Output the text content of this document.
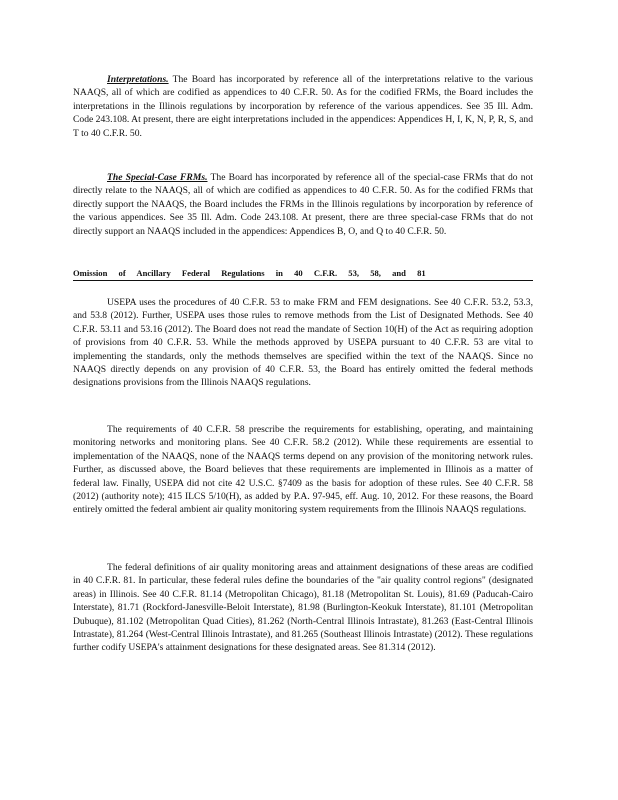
Interpretations. The Board has incorporated by reference all of the interpretations relative to the various NAAQS, all of which are codified as appendices to 40 C.F.R. 50. As for the codified FRMs, the Board includes the interpretations in the Illinois regulations by incorporation by reference of the various appendices. See 35 Ill. Adm. Code 243.108. At present, there are eight interpretations included in the appendices: Appendices H, I, K, N, P, R, S, and T to 40 C.F.R. 50.

The Special-Case FRMs. The Board has incorporated by reference all of the special-case FRMs that do not directly relate to the NAAQS, all of which are codified as appendices to 40 C.F.R. 50. As for the codified FRMs that directly support the NAAQS, the Board includes the FRMs in the Illinois regulations by incorporation by reference of the various appendices. See 35 Ill. Adm. Code 243.108. At present, there are three special-case FRMs that do not directly support an NAAQS included in the appendices: Appendices B, O, and Q to 40 C.F.R. 50.

Omission of Ancillary Federal Regulations in 40 C.F.R. 53, 58, and 81

USEPA uses the procedures of 40 C.F.R. 53 to make FRM and FEM designations. See 40 C.F.R. 53.2, 53.3, and 53.8 (2012). Further, USEPA uses those rules to remove methods from the List of Designated Methods. See 40 C.F.R. 53.11 and 53.16 (2012). The Board does not read the mandate of Section 10(H) of the Act as requiring adoption of provisions from 40 C.F.R. 53. While the methods approved by USEPA pursuant to 40 C.F.R. 53 are vital to implementing the standards, only the methods themselves are specified within the text of the NAAQS. Since no NAAQS directly depends on any provision of 40 C.F.R. 53, the Board has entirely omitted the federal methods designations provisions from the Illinois NAAQS regulations.

The requirements of 40 C.F.R. 58 prescribe the requirements for establishing, operating, and maintaining monitoring networks and monitoring plans. See 40 C.F.R. 58.2 (2012). While these requirements are essential to implementation of the NAAQS, none of the NAAQS terms depend on any provision of the monitoring network rules. Further, as discussed above, the Board believes that these requirements are implemented in Illinois as a matter of federal law. Finally, USEPA did not cite 42 U.S.C. §7409 as the basis for adoption of these rules. See 40 C.F.R. 58 (2012) (authority note); 415 ILCS 5/10(H), as added by P.A. 97-945, eff. Aug. 10, 2012. For these reasons, the Board entirely omitted the federal ambient air quality monitoring system requirements from the Illinois NAAQS regulations.

The federal definitions of air quality monitoring areas and attainment designations of these areas are codified in 40 C.F.R. 81. In particular, these federal rules define the boundaries of the "air quality control regions" (designated areas) in Illinois. See 40 C.F.R. 81.14 (Metropolitan Chicago), 81.18 (Metropolitan St. Louis), 81.69 (Paducah-Cairo Interstate), 81.71 (Rockford-Janesville-Beloit Interstate), 81.98 (Burlington-Keokuk Interstate), 81.101 (Metropolitan Dubuque), 81.102 (Metropolitan Quad Cities), 81.262 (North-Central Illinois Intrastate), 81.263 (East-Central Illinois Intrastate), 81.264 (West-Central Illinois Intrastate), and 81.265 (Southeast Illinois Intrastate) (2012). These regulations further codify USEPA's attainment designations for these designated areas. See 81.314 (2012).
